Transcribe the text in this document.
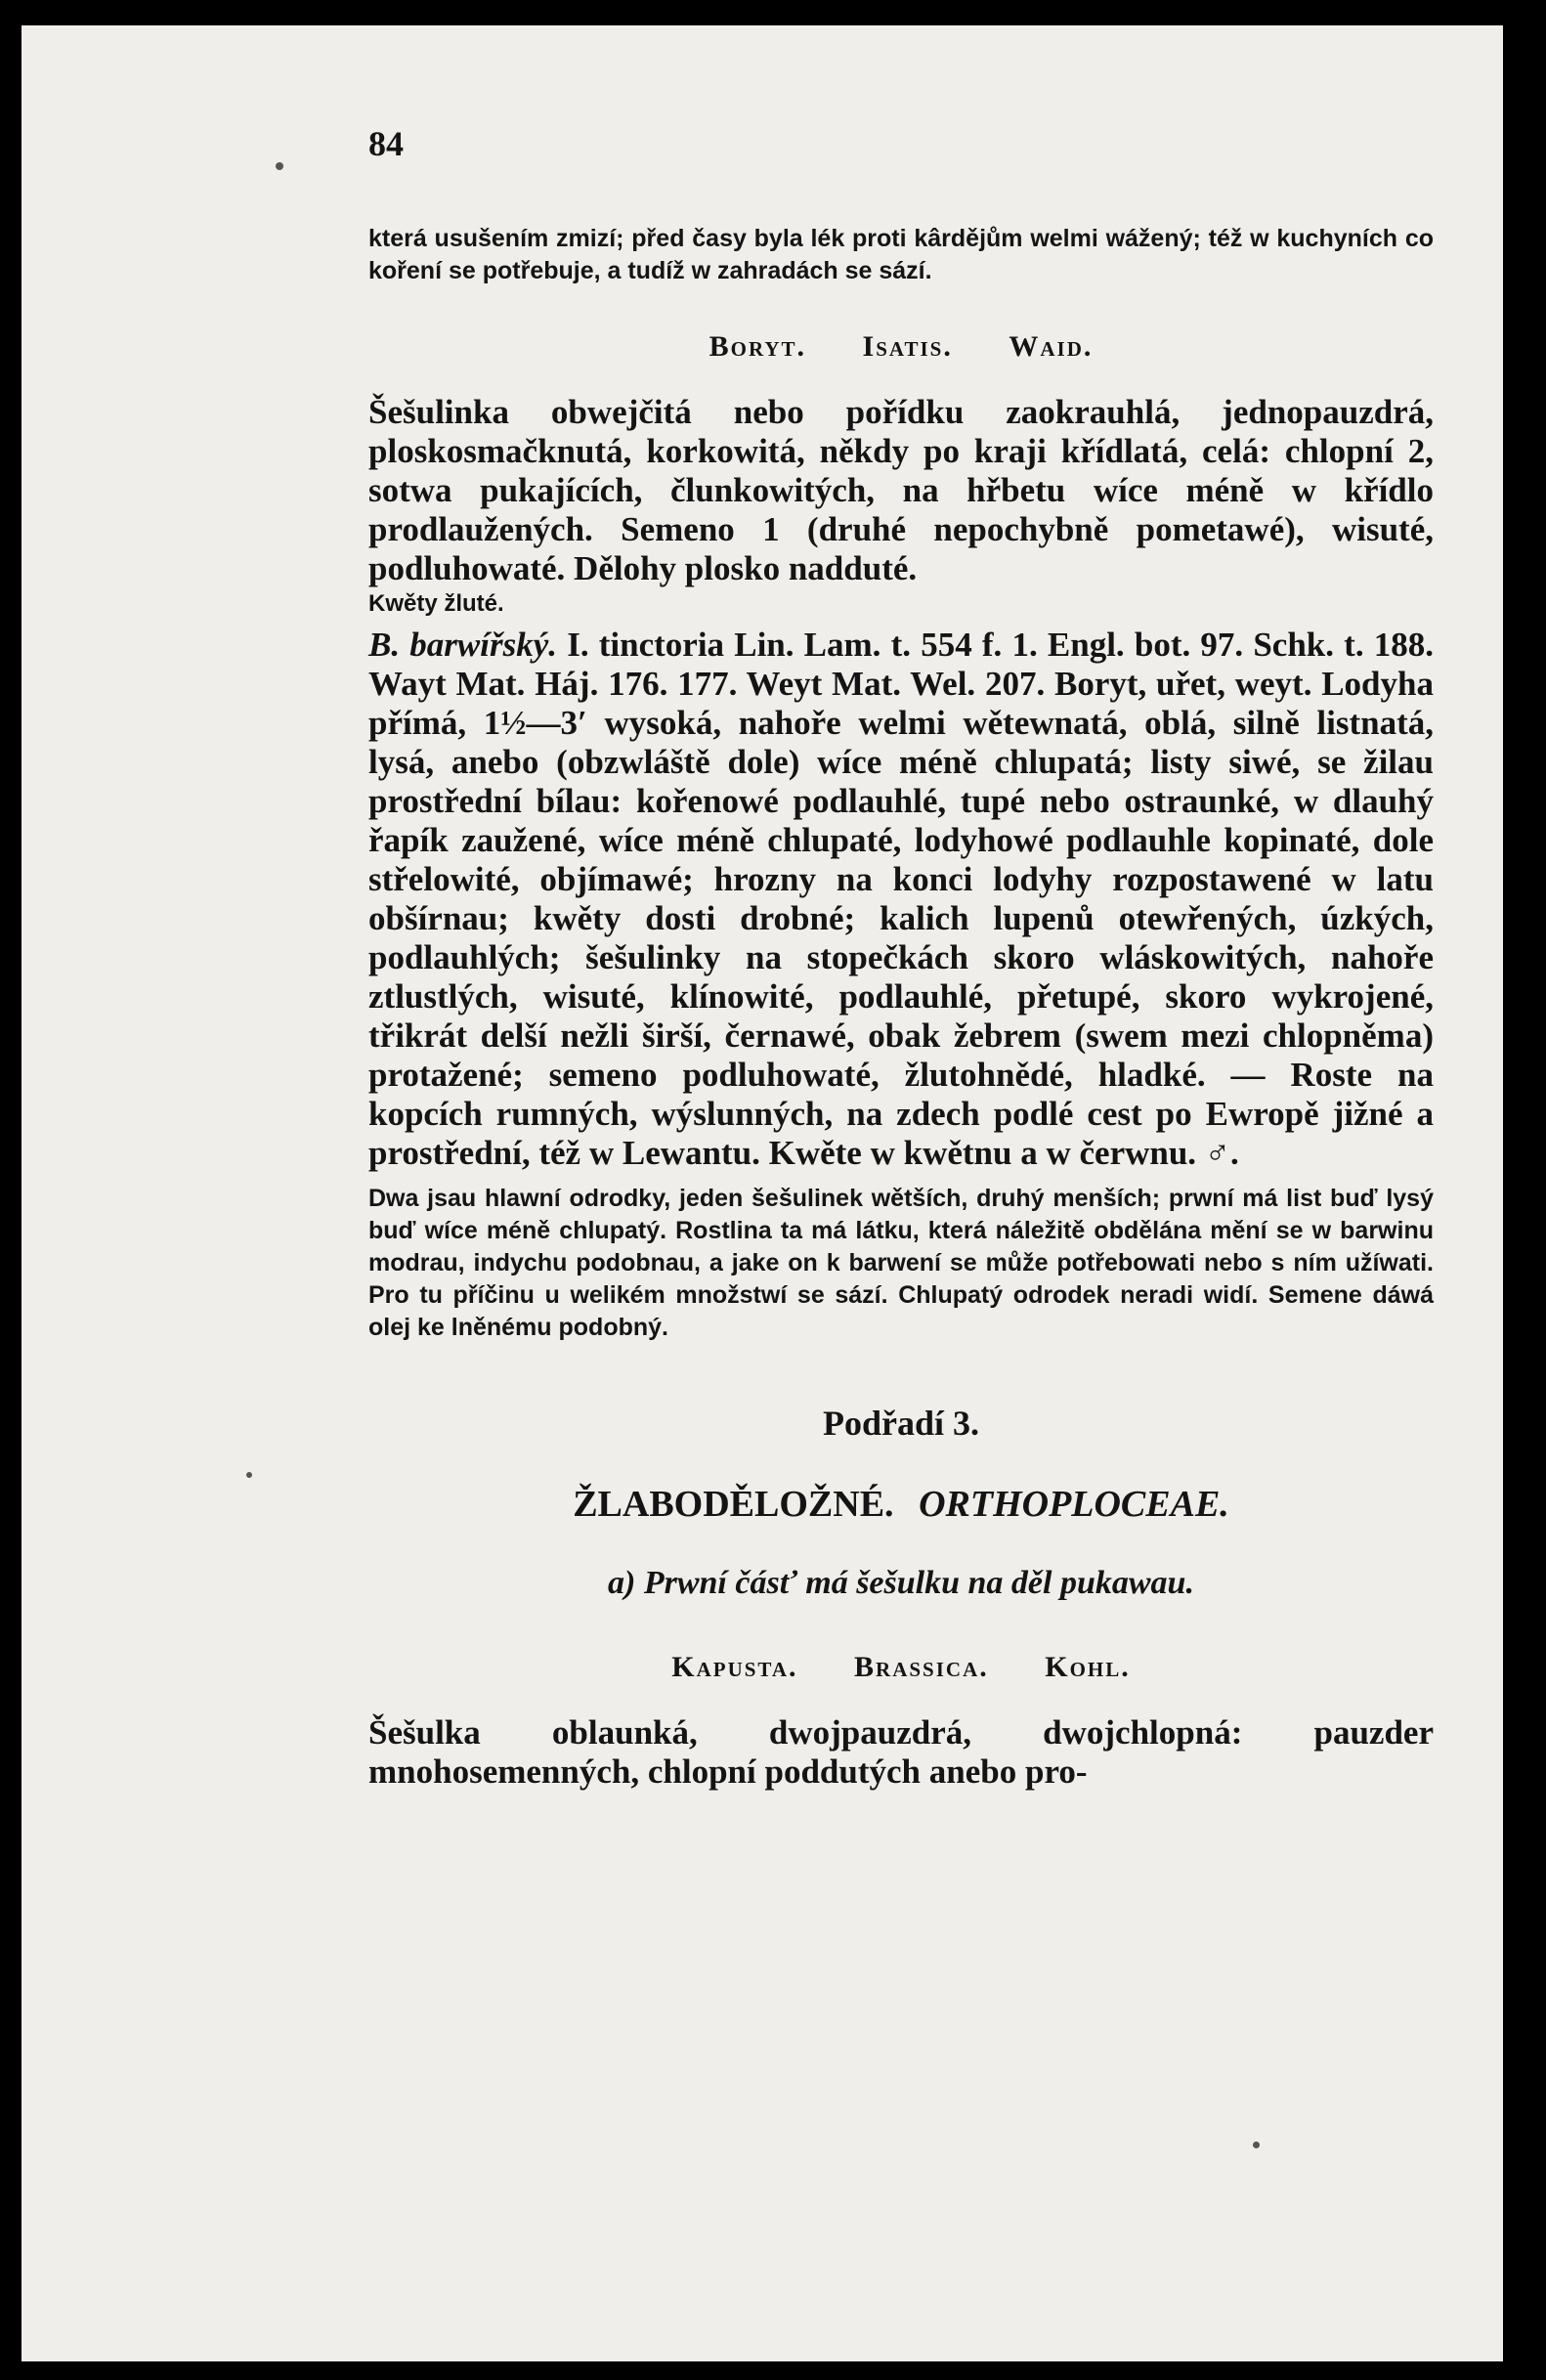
84

která usušením zmizí; před časy byla lék proti kârdějům welmi wážený; též w kuchyních co koření se potřebuje, a tudíž w zahradách se sází.

Boryt. Isatis. Waid.

Šešulinka obwejčitá nebo pořídku zaokrauhlá, jednopauzdrá, ploskosmačknutá, korkowitá, někdy po kraji křídlatá, celá: chlopní 2, sotwa pukajících, člunkowitých, na hřbetu wíce méně w křídlo prodlaužených. Semeno 1 (druhé nepochybně pometawé), wisuté, podluhowaté. Dělohy plosko nadduté.

Kwěty žluté.

B. barwířský. I. tinctoria Lin. Lam. t. 554 f. 1. Engl. bot. 97. Schk. t. 188. Wayt Mat. Háj. 176. 177. Weyt Mat. Wel. 207. Boryt, uřet, weyt. Lodyha přímá, 1½—3′ wysoká, nahoře welmi wětewnatá, oblá, silně listnatá, lysá, anebo (obzwláště dole) wíce méně chlupatá; listy siwé, se žilau prostřední bílau: kořenowé podlauhlé, tupé nebo ostraunké, w dlauhý řapík zaužené, wíce méně chlupaté, lodyhowé podlauhle kopinaté, dole střelowité, objímawé; hrozny na konci lodyhy rozpostawené w latu obšírnau; kwěty dosti drobné; kalich lupenů otewřených, úzkých, podlauhlých; šešulinky na stopečkách skoro wláskowitých, nahoře ztlustlých, wisuté, klínowité, podlauhlé, přetupé, skoro wykrojené, třikrát delší nežli širší, černawé, obak žebrem (swem mezi chlopněma) protažené; semeno podluhowaté, žlutohnědé, hladké. — Roste na kopcích rumných, wýslunných, na zdech podlé cest po Ewropě jižné a prostřední, též w Lewantu. Kwěte w kwětnu a w čerwnu. ♂.

Dwa jsau hlawní odrodky, jeden šešulinek wětších, druhý menších; prwní má list buď lysý buď wíce méně chlupatý. Rostlina ta má látku, která náležitě obdělána mění se w barwinu modrau, indychu podobnau, a jake on k barwení se může potřebowati nebo s ním užíwati. Pro tu příčinu u welikém množstwí se sází. Chlupatý odrodek neradi widí. Semene dáwá olej ke lněnému podobný.

Podřadí 3.
ŽLABODĚLOŽNÉ. ORTHOPLOCEAE.
a) Prwní čásť má šešulku na děl pukawau.
Kapusta. Brassica. Kohl.

Šešulka oblaunká, dwojpauzdrá, dwojchlopná: pauzder mnohosemenných, chlopní poddutých anebo pro-
